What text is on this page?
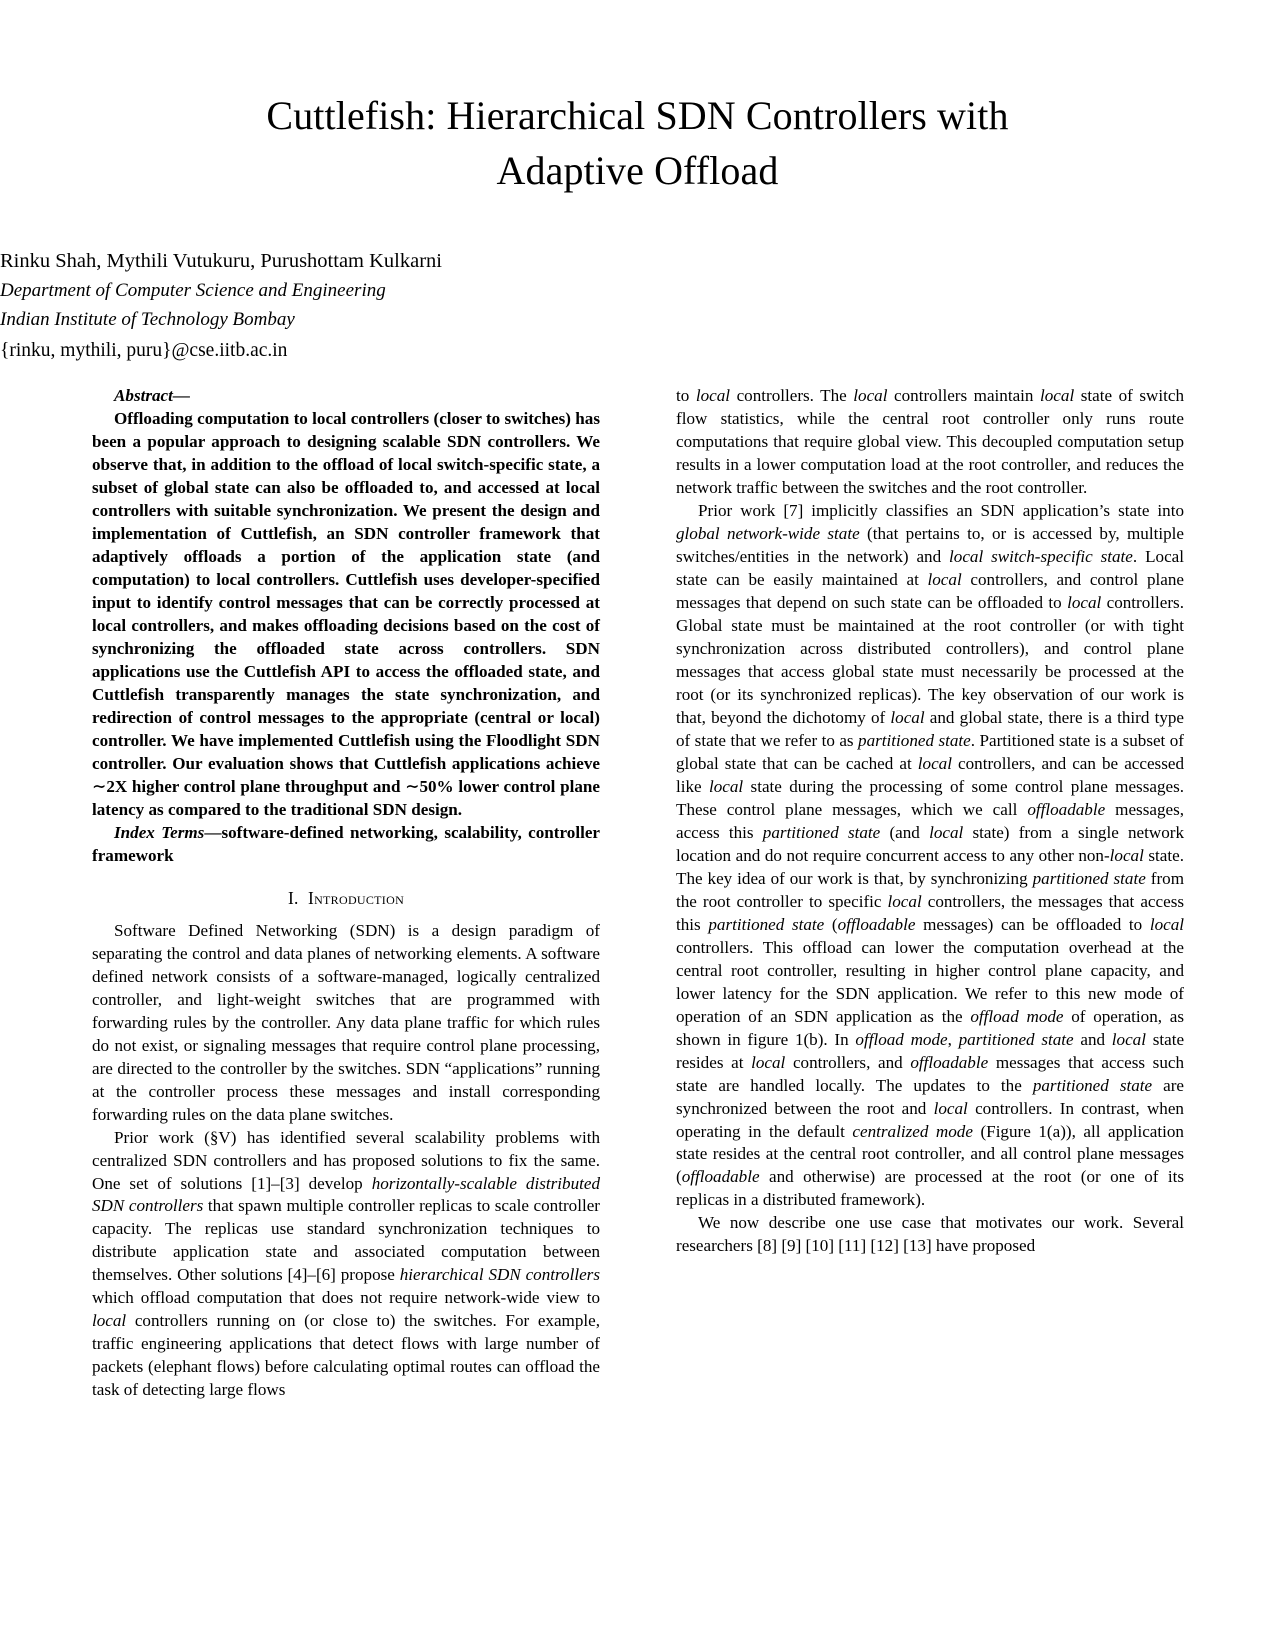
Cuttlefish: Hierarchical SDN Controllers with Adaptive Offload

Rinku Shah, Mythili Vutukuru, Purushottam Kulkarni

Department of Computer Science and Engineering

Indian Institute of Technology Bombay

{rinku, mythili, puru}@cse.iitb.ac.in

Abstract—

Offloading computation to local controllers (closer to switches) has been a popular approach to designing scalable SDN controllers. We observe that, in addition to the offload of local switch-specific state, a subset of global state can also be offloaded to, and accessed at local controllers with suitable synchronization. We present the design and implementation of Cuttlefish, an SDN controller framework that adaptively offloads a portion of the application state (and computation) to local controllers. Cuttlefish uses developer-specified input to identify control messages that can be correctly processed at local controllers, and makes offloading decisions based on the cost of synchronizing the offloaded state across controllers. SDN applications use the Cuttlefish API to access the offloaded state, and Cuttlefish transparently manages the state synchronization, and redirection of control messages to the appropriate (central or local) controller. We have implemented Cuttlefish using the Floodlight SDN controller. Our evaluation shows that Cuttlefish applications achieve ∼2X higher control plane throughput and ∼50% lower control plane latency as compared to the traditional SDN design.

Index Terms—software-defined networking, scalability, controller framework

I. Introduction

Software Defined Networking (SDN) is a design paradigm of separating the control and data planes of networking elements. A software defined network consists of a software-managed, logically centralized controller, and light-weight switches that are programmed with forwarding rules by the controller. Any data plane traffic for which rules do not exist, or signaling messages that require control plane processing, are directed to the controller by the switches. SDN “applications” running at the controller process these messages and install corresponding forwarding rules on the data plane switches.

Prior work (§V) has identified several scalability problems with centralized SDN controllers and has proposed solutions to fix the same. One set of solutions [1]–[3] develop horizontally-scalable distributed SDN controllers that spawn multiple controller replicas to scale controller capacity. The replicas use standard synchronization techniques to distribute application state and associated computation between themselves. Other solutions [4]–[6] propose hierarchical SDN controllers which offload computation that does not require network-wide view to local controllers running on (or close to) the switches. For example, traffic engineering applications that detect flows with large number of packets (elephant flows) before calculating optimal routes can offload the task of detecting large flows

to local controllers. The local controllers maintain local state of switch flow statistics, while the central root controller only runs route computations that require global view. This decoupled computation setup results in a lower computation load at the root controller, and reduces the network traffic between the switches and the root controller.

Prior work [7] implicitly classifies an SDN application’s state into global network-wide state (that pertains to, or is accessed by, multiple switches/entities in the network) and local switch-specific state. Local state can be easily maintained at local controllers, and control plane messages that depend on such state can be offloaded to local controllers. Global state must be maintained at the root controller (or with tight synchronization across distributed controllers), and control plane messages that access global state must necessarily be processed at the root (or its synchronized replicas). The key observation of our work is that, beyond the dichotomy of local and global state, there is a third type of state that we refer to as partitioned state. Partitioned state is a subset of global state that can be cached at local controllers, and can be accessed like local state during the processing of some control plane messages. These control plane messages, which we call offloadable messages, access this partitioned state (and local state) from a single network location and do not require concurrent access to any other non-local state. The key idea of our work is that, by synchronizing partitioned state from the root controller to specific local controllers, the messages that access this partitioned state (offloadable messages) can be offloaded to local controllers. This offload can lower the computation overhead at the central root controller, resulting in higher control plane capacity, and lower latency for the SDN application. We refer to this new mode of operation of an SDN application as the offload mode of operation, as shown in figure 1(b). In offload mode, partitioned state and local state resides at local controllers, and offloadable messages that access such state are handled locally. The updates to the partitioned state are synchronized between the root and local controllers. In contrast, when operating in the default centralized mode (Figure 1(a)), all application state resides at the central root controller, and all control plane messages (offloadable and otherwise) are processed at the root (or one of its replicas in a distributed framework).

We now describe one use case that motivates our work. Several researchers [8] [9] [10] [11] [12] [13] have proposed
